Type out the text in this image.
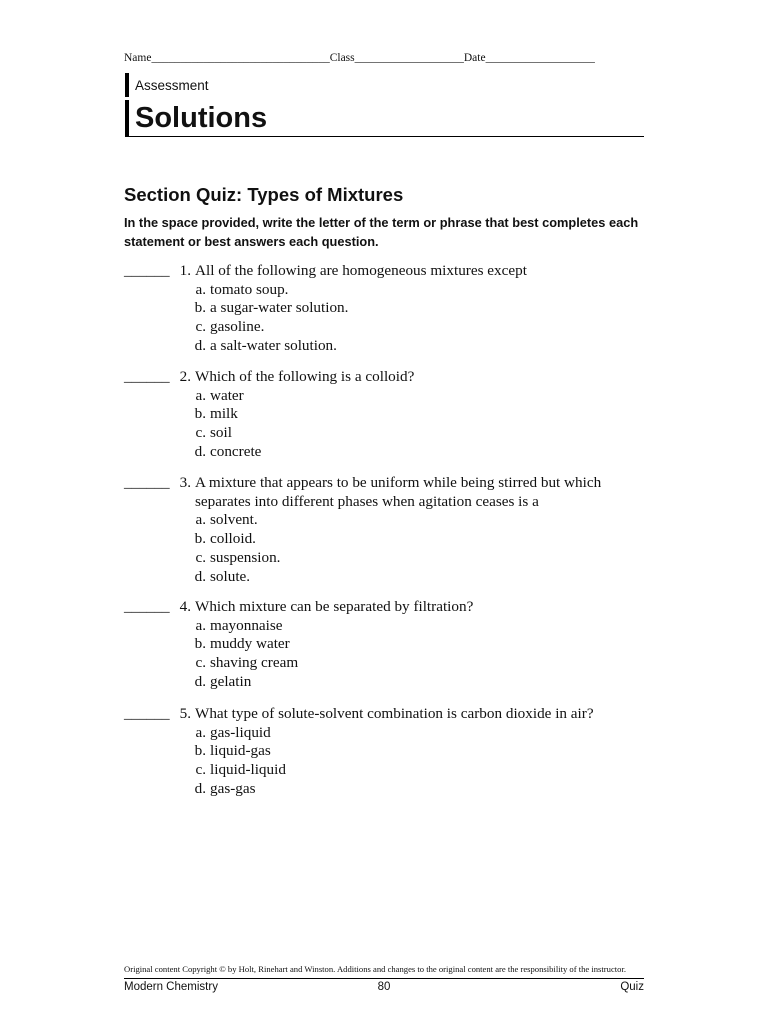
Name_______________________________Class___________________Date___________________
Assessment
Solutions
Section Quiz: Types of Mixtures
In the space provided, write the letter of the term or phrase that best completes each statement or best answers each question.
______ 1. All of the following are homogeneous mixtures except
a. tomato soup.
b. a sugar-water solution.
c. gasoline.
d. a salt-water solution.
______ 2. Which of the following is a colloid?
a. water
b. milk
c. soil
d. concrete
______ 3. A mixture that appears to be uniform while being stirred but which separates into different phases when agitation ceases is a
a. solvent.
b. colloid.
c. suspension.
d. solute.
______ 4. Which mixture can be separated by filtration?
a. mayonnaise
b. muddy water
c. shaving cream
d. gelatin
______ 5. What type of solute-solvent combination is carbon dioxide in air?
a. gas-liquid
b. liquid-gas
c. liquid-liquid
d. gas-gas
Original content Copyright © by Holt, Rinehart and Winston. Additions and changes to the original content are the responsibility of the instructor.
Modern Chemistry	80	Quiz
